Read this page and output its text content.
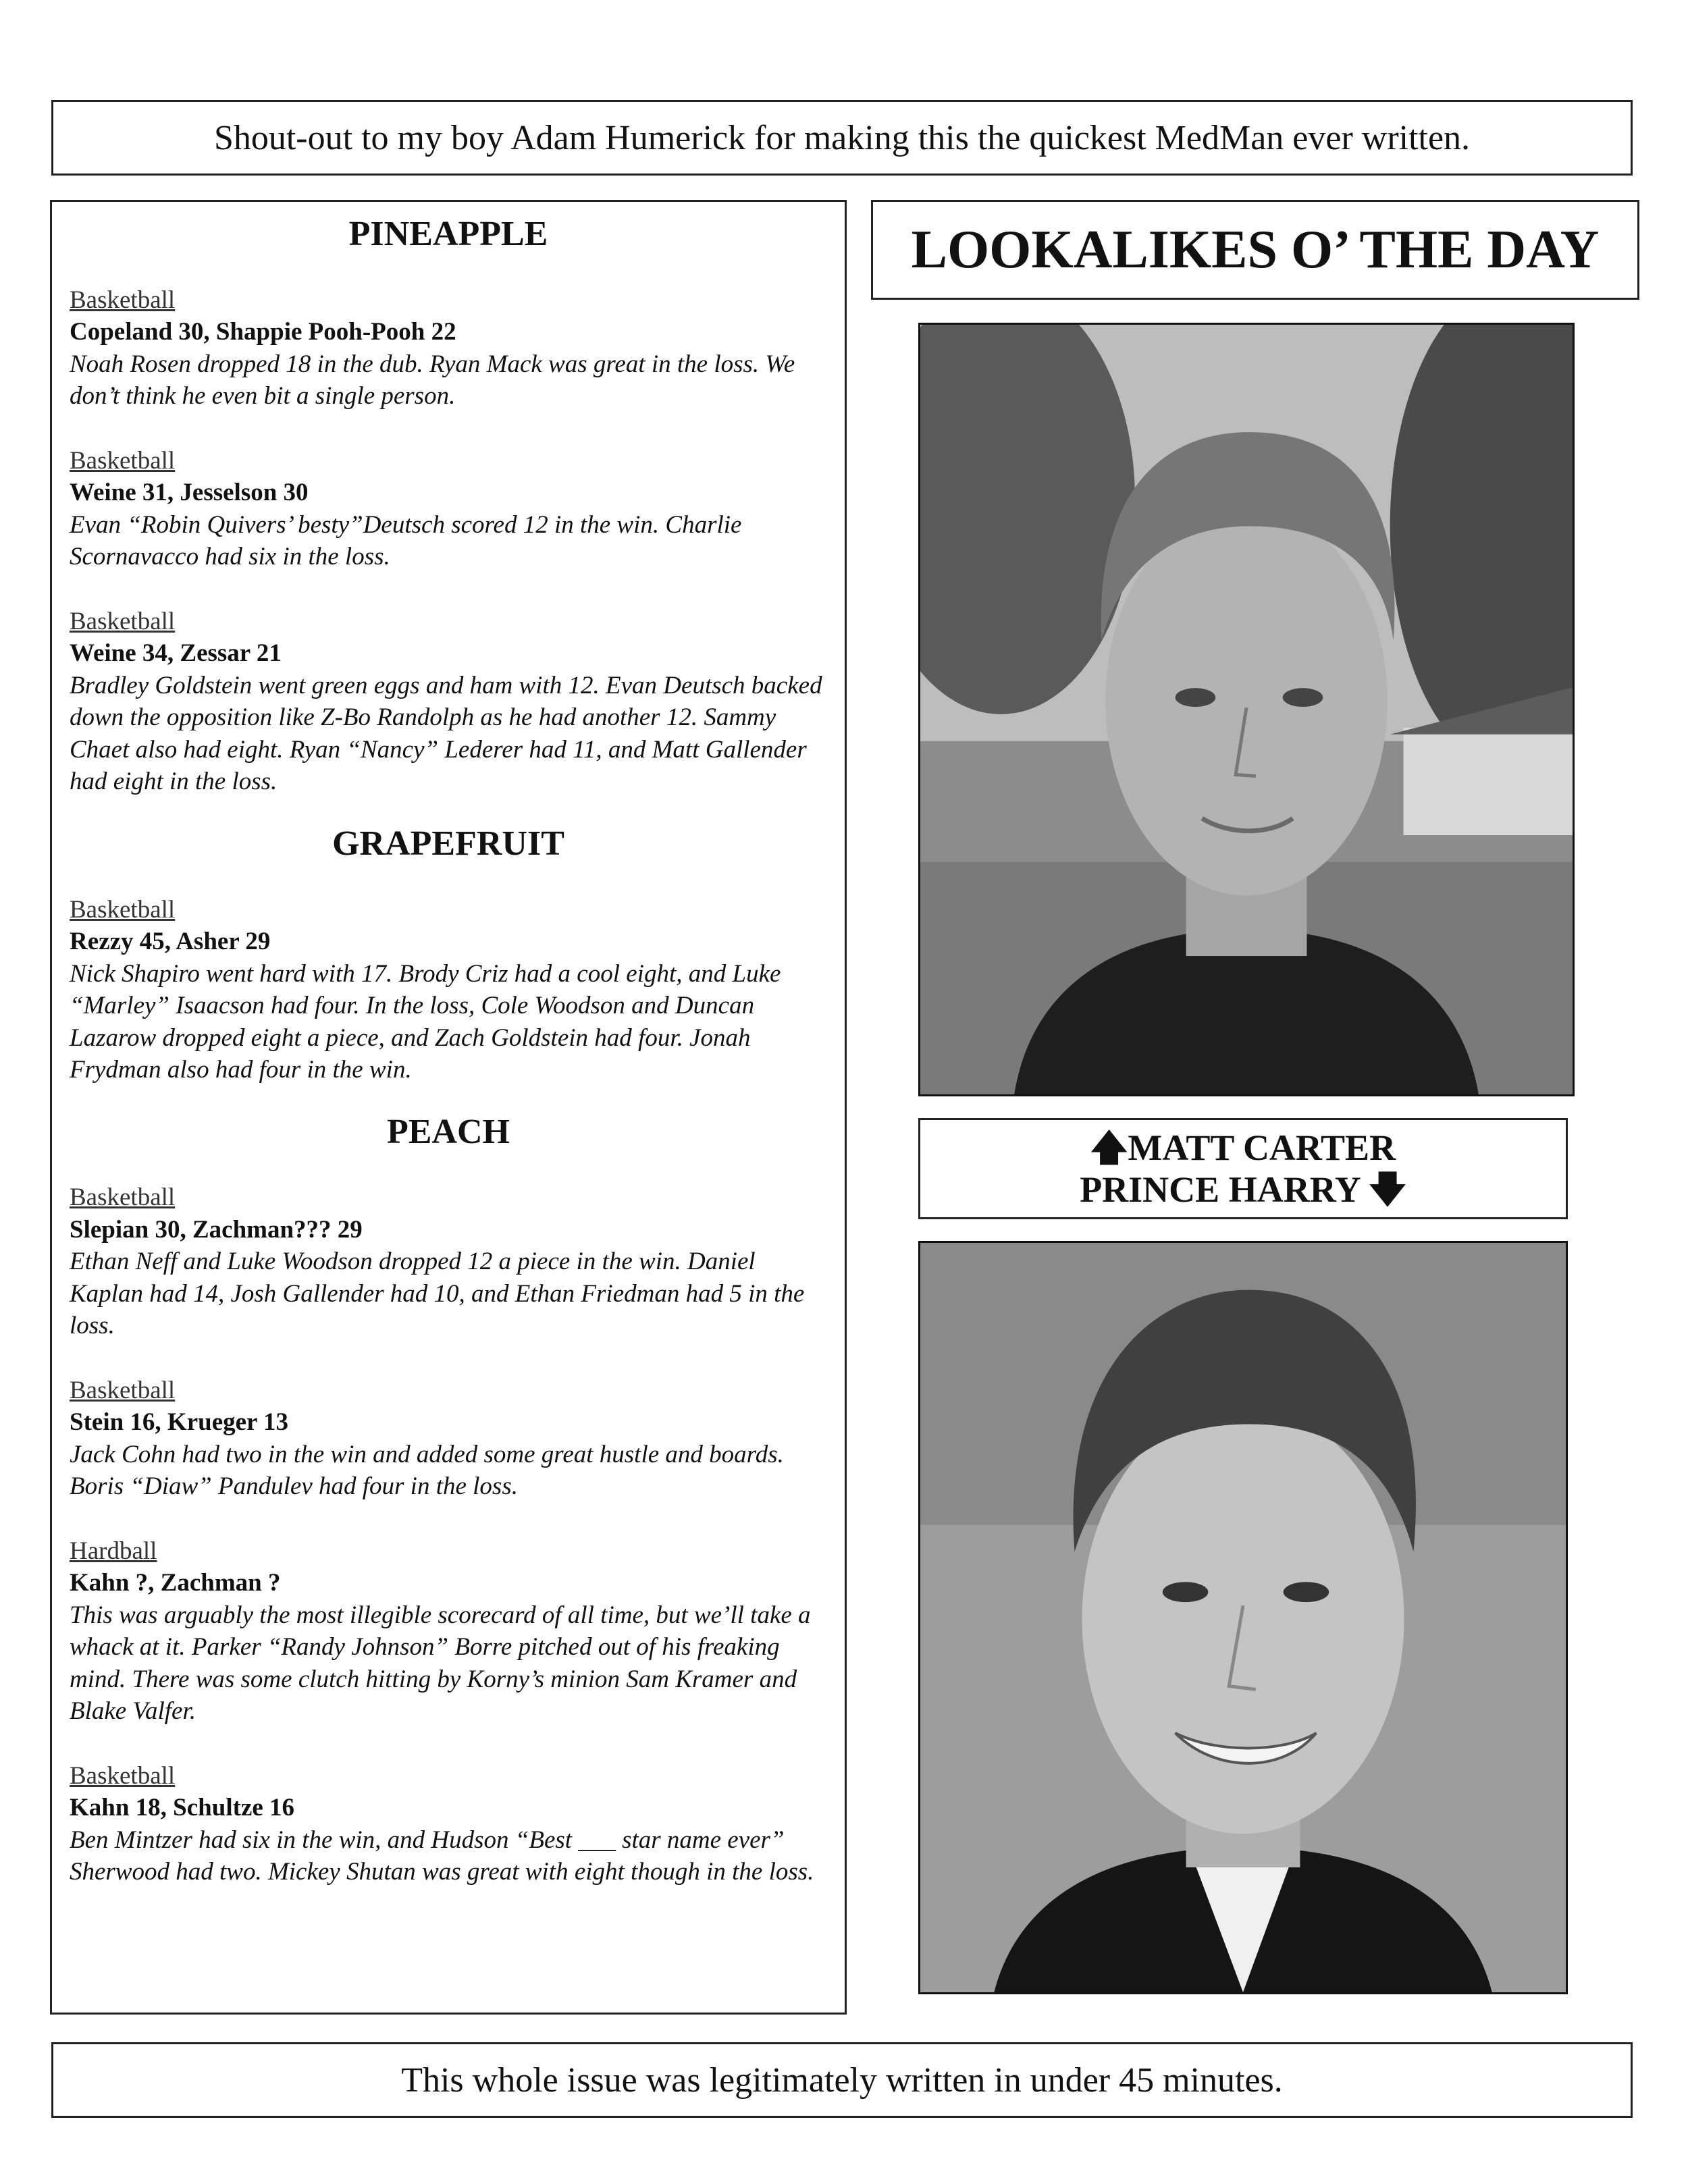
Shout-out to my boy Adam Humerick for making this the quickest MedMan ever written.
PINEAPPLE
Basketball
Copeland 30, Shappie Pooh-Pooh 22
Noah Rosen dropped 18 in the dub. Ryan Mack was great in the loss. We don’t think he even bit a single person.
Basketball
Weine 31, Jesselson 30
Evan “Robin Quivers’ besty”Deutsch scored 12 in the win. Charlie Scornavacco had six in the loss.
Basketball
Weine 34, Zessar 21
Bradley Goldstein went green eggs and ham with 12. Evan Deutsch backed down the opposition like Z-Bo Randolph as he had another 12. Sammy Chaet also had eight. Ryan “Nancy” Lederer had 11, and Matt Gallender had eight in the loss.
GRAPEFRUIT
Basketball
Rezzy 45, Asher 29
Nick Shapiro went hard with 17. Brody Criz had a cool eight, and Luke “Marley” Isaacson had four. In the loss, Cole Woodson and Duncan Lazarow dropped eight a piece, and Zach Goldstein had four. Jonah Frydman also had four in the win.
PEACH
Basketball
Slepian 30, Zachman??? 29
Ethan Neff and Luke Woodson dropped 12 a piece in the win. Daniel Kaplan had 14, Josh Gallender had 10, and Ethan Friedman had 5 in the loss.
Basketball
Stein 16, Krueger 13
Jack Cohn had two in the win and added some great hustle and boards. Boris “Diaw” Pandulev had four in the loss.
Hardball
Kahn ?, Zachman ?
This was arguably the most illegible scorecard of all time, but we’ll take a whack at it. Parker “Randy Johnson” Borre pitched out of his freaking mind. There was some clutch hitting by Korny’s minion Sam Kramer and Blake Valfer.
Basketball
Kahn 18, Schultze 16
Ben Mintzer had six in the win, and Hudson “Best ___ star name ever” Sherwood had two. Mickey Shutan was great with eight though in the loss.
LOOKALIKES O’ THE DAY
🡅MATT CARTER
PRINCE HARRY 🡇
This whole issue was legitimately written in under 45 minutes.
